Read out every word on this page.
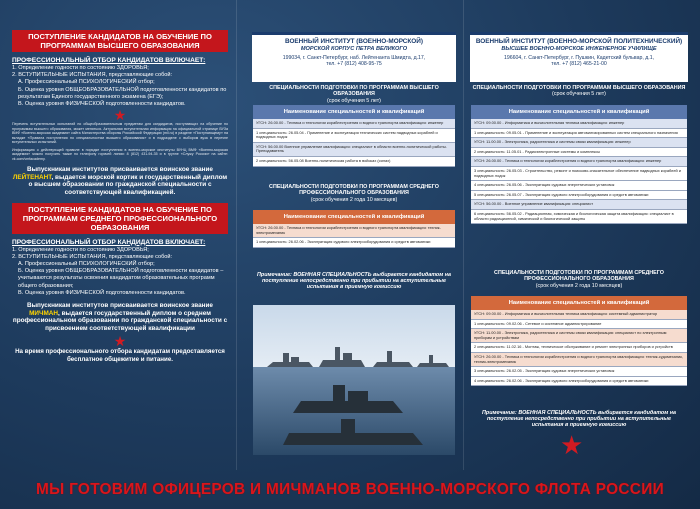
ПОСТУПЛЕНИЕ КАНДИДАТОВ НА ОБУЧЕНИЕ ПО ПРОГРАММАМ ВЫСШЕГО ОБРАЗОВАНИЯ
ПРОФЕССИОНАЛЬНЫЙ ОТБОР КАНДИДАТОВ ВКЛЮЧАЕТ:
1. Определение годности по состоянию ЗДОРОВЬЯ;
2. ВСТУПИТЕЛЬНЫЕ ИСПЫТАНИЯ, представляющие собой:
А. Профессиональный ПСИХОЛОГИЧЕСКИЙ отбор;
Б. Оценка уровня ОБЩЕОБРАЗОВАТЕЛЬНОЙ подготовленности кандидатов по результатам Единого государственного экзамена (ЕГЭ);
В. Оценка уровня ФИЗИЧЕСКОЙ подготовленности кандидатов.
★
Перечень вступительных испытаний по общеобразовательным предметам для кандидатов, поступающих на обучение по программам высшего образования, может меняться. Актуальная вступительная информация на официальной странице ВУЗа ВМФ «Военно-морская академия» сайта Министерства обороны Российской Федерации (mil.ru) в разделе «Поступающему» на вкладке «Правила поступления по специальностям высшего образования» и в подразделе с выбором вуза в перечне вступительных испытаний.
Информацию о действующей правиле в порядке поступления в военно-морские институты ВУНЦ ВМФ «Военно-морская академия» можно получить также по телефону горячей линии: 8 (812) 431-94-35 и в группе «Служу России» на сайте: vk.com/vmfacademy.
Выпускникам институтов присваивается воинское звание ЛЕЙТЕНАНТ, выдается морской кортик и государственный диплом о высшем образовании по гражданской специальности с соответствующей квалификацией.
ПОСТУПЛЕНИЕ КАНДИДАТОВ НА ОБУЧЕНИЕ ПО ПРОГРАММАМ СРЕДНЕГО ПРОФЕССИОНАЛЬНОГО ОБРАЗОВАНИЯ
ПРОФЕССИОНАЛЬНЫЙ ОТБОР КАНДИДАТОВ ВКЛЮЧАЕТ:
1. Определение годности по состоянию ЗДОРОВЬЯ;
2. ВСТУПИТЕЛЬНЫЕ ИСПЫТАНИЯ, представляющие собой:
А. Профессиональный ПСИХОЛОГИЧЕСКИЙ отбор;
Б. Оценка уровня ОБЩЕОБРАЗОВАТЕЛЬНОЙ подготовленности кандидатов – учитываются результаты освоения кандидатом образовательных программ общего образования;
В. Оценка уровня ФИЗИЧЕСКОЙ подготовленности кандидатов.
Выпускникам институтов присваивается воинское звание МИЧМАН, выдается государственный диплом о среднем профессиональном образовании по гражданской специальности с присвоением соответствующей квалификации
★
На время профессионального отбора кандидатам предоставляется бесплатное общежитие и питание.
ВОЕННЫЙ ИНСТИТУТ (ВОЕННО-МОРСКОЙ)
МОРСКОЙ КОРПУС ПЕТРА ВЕЛИКОГО
199034, г. Санкт-Петербург, наб. Лейтенанта Шмидта, д.17,
тел. +7 (812) 408-95-75
СПЕЦИАЛЬНОСТИ ПОДГОТОВКИ ПО ПРОГРАММАМ ВЫСШЕГО ОБРАЗОВАНИЯ
(срок обучения 5 лет)
Наименование специальностей и квалификаций
УГСН: 26.00.00 - Техника и технологии кораблестроения и водного транспорта квалификация: инженер
1 специальность: 26.05.04 - Применение и эксплуатация технических систем надводных кораблей и подводных лодок
УГСН: 56.00.00 Военное управление квалификация: специалист в области военно-политической работы. Преподаватель
2 специальность: 56.05.08 Военно-политическая работа в войсках (силах)
СПЕЦИАЛЬНОСТИ ПОДГОТОВКИ ПО ПРОГРАММАМ СРЕДНЕГО ПРОФЕССИОНАЛЬНОГО ОБРАЗОВАНИЯ
(срок обучения 2 года 10 месяцев)
Наименование специальностей и квалификаций
УГСН: 26.00.00 - Техника и технологии кораблестроения и водного транспорта квалификация: техник-электромеханик
1 специальность: 26.02.06 - Эксплуатация судового электрооборудования и средств автоматики
Примечание: ВОЕННАЯ СПЕЦИАЛЬНОСТЬ выбирается кандидатом на поступление непосредственно при прибытии на вступительные испытания в приемную комиссию
ВОЕННЫЙ ИНСТИТУТ (ВОЕННО-МОРСКОЙ ПОЛИТЕХНИЧЕСКИЙ)
ВЫСШЕЕ ВОЕННО-МОРСКОЕ ИНЖЕНЕРНОЕ УЧИЛИЩЕ
196604, г. Санкт-Петербург, г. Пушкин, Кадетский бульвар, д.1,
тел. +7 (812) 465-21-00
СПЕЦИАЛЬНОСТИ ПОДГОТОВКИ ПО ПРОГРАММАМ ВЫСШЕГО ОБРАЗОВАНИЯ
(срок обучения 5 лет)
Наименование специальностей и квалификаций
УГСН: 09.00.00 - Информатика и вычислительная техника квалификация: инженер
1 специальность: 09.05.01 - Применение и эксплуатация автоматизированных систем специального назначения
УГСН: 11.00.00 - Электроника, радиотехника и системы связи квалификация: инженер
2 специальность: 11.05.01 - Радиоэлектронные системы и комплексы
УГСН: 26.00.00 - Техника и технологии кораблестроения и водного транспорта квалификация: инженер
3 специальность: 26.05.03 - Строительство, ремонт и поисково-спасательное обеспечение надводных кораблей и подводных лодок
4 специальность: 26.05.06 - Эксплуатация судовых энергетических установок
5 специальность: 26.05.07 - Эксплуатация судового электрооборудования и средств автоматики
УГСН: 56.00.00 - Военное управление квалификация: специалист
6 специальность: 56.05.02 - Радиационная, химическая и биологическая защита квалификация: специалист в области радиационной, химической и биологической защиты
СПЕЦИАЛЬНОСТИ ПОДГОТОВКИ ПО ПРОГРАММАМ СРЕДНЕГО ПРОФЕССИОНАЛЬНОГО ОБРАЗОВАНИЯ
(срок обучения 2 года 10 месяцев)
Наименование специальностей и квалификаций
УГСН: 09.00.00 - Информатика и вычислительная техника квалификация: системный администратор
1 специальность: 09.02.06 - Сетевое и системное администрирование
УГСН: 11.00.00 - Электроника, радиотехника и системы связи квалификация: специалист по электронным приборам и устройствам
2 специальность: 11.02.16 - Монтаж, техническое обслуживание и ремонт электронных приборов и устройств
УГСН: 26.00.00 - Техника и технологии кораблестроения и водного транспорта квалификация: техник-судомеханик, техник-электромеханик
3 специальность: 26.02.05 - Эксплуатация судовых энергетических установок
4 специальность: 26.02.06 - Эксплуатация судового электрооборудования и средств автоматики
Примечание: ВОЕННАЯ СПЕЦИАЛЬНОСТЬ выбирается кандидатом на поступление непосредственно при прибытии на вступительные испытания в приемную комиссию
★
МЫ ГОТОВИМ ОФИЦЕРОВ И МИЧМАНОВ ВОЕННО-МОРСКОГО ФЛОТА РОССИИ
